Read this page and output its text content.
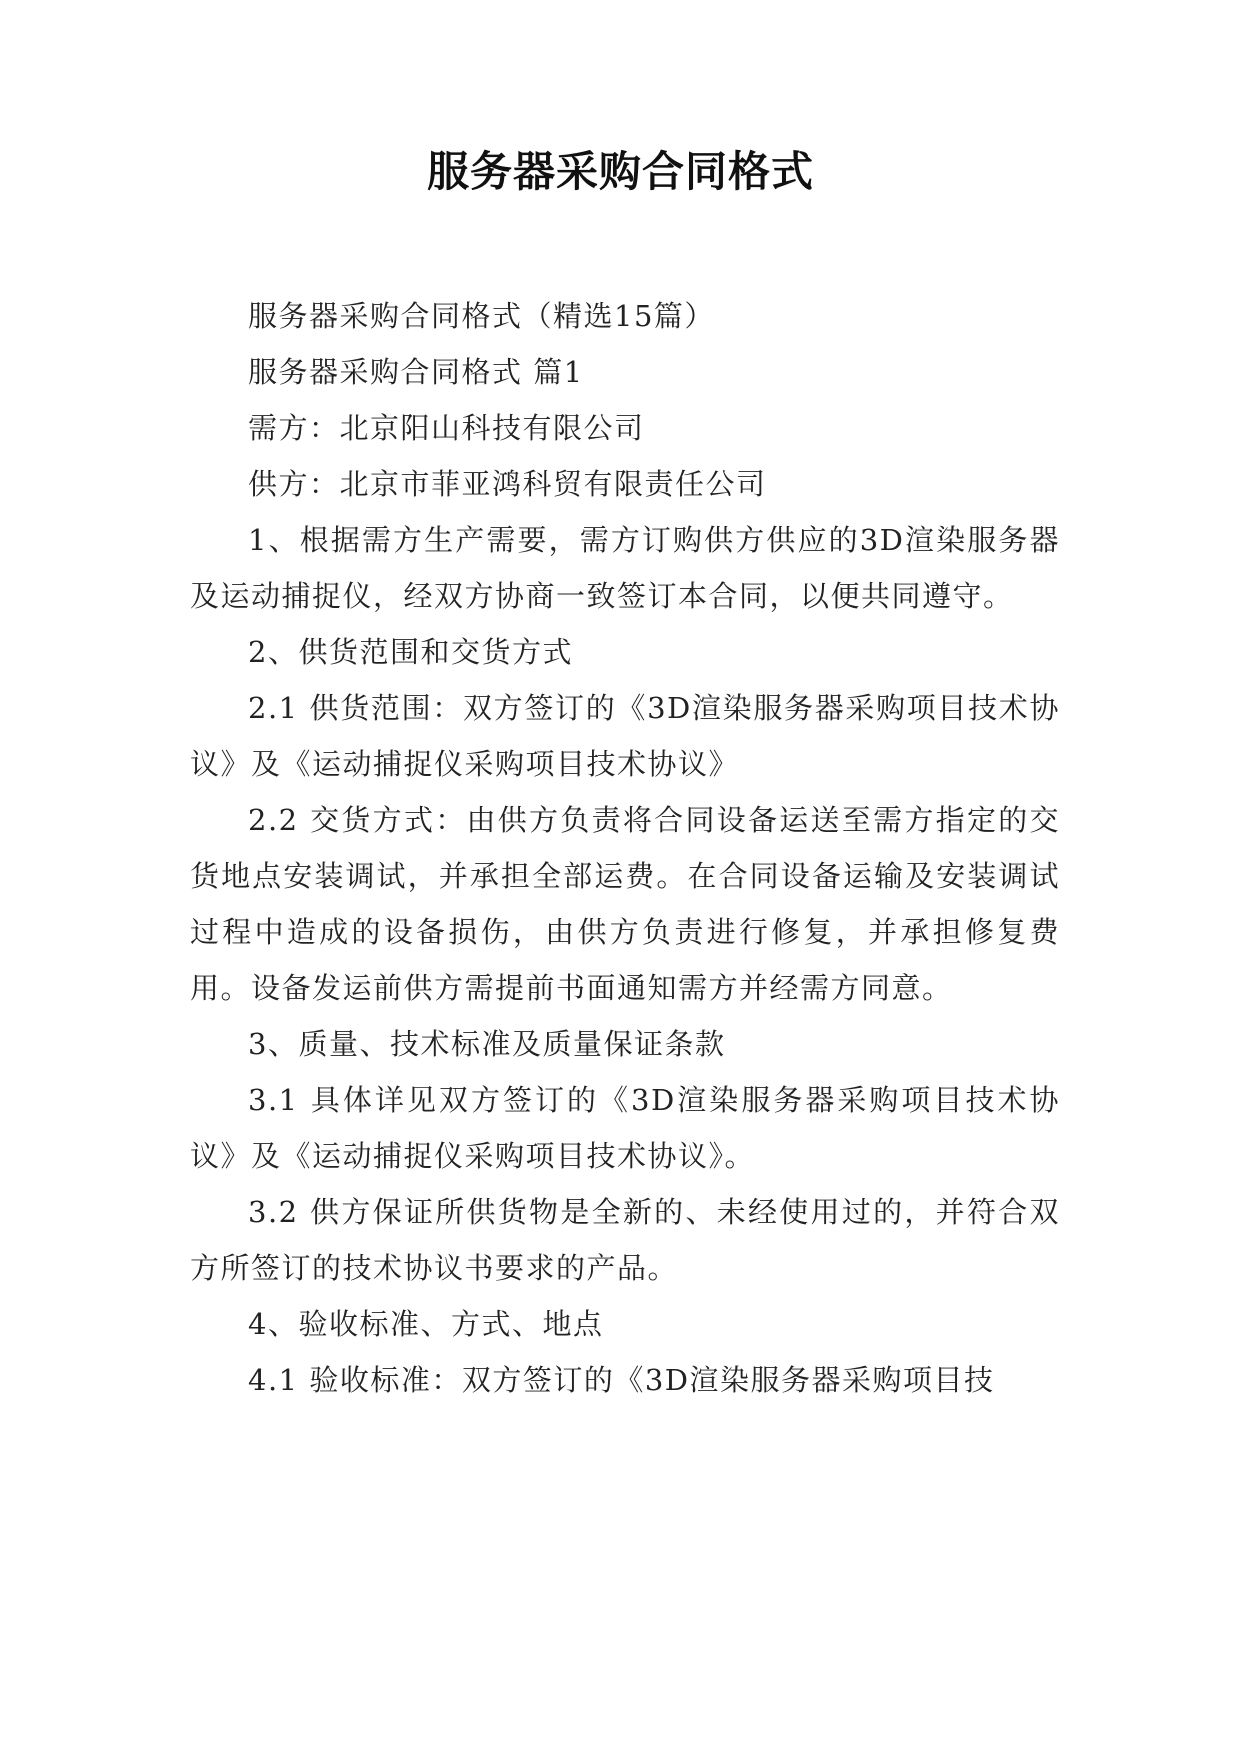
服务器采购合同格式

服务器采购合同格式（精选15篇）

服务器采购合同格式 篇1

需方：北京阳山科技有限公司

供方：北京市菲亚鸿科贸有限责任公司

1、根据需方生产需要，需方订购供方供应的3D渲染服务器及运动捕捉仪，经双方协商一致签订本合同，以便共同遵守。

2、供货范围和交货方式

2.1 供货范围：双方签订的《3D渲染服务器采购项目技术协议》及《运动捕捉仪采购项目技术协议》

2.2 交货方式：由供方负责将合同设备运送至需方指定的交货地点安装调试，并承担全部运费。在合同设备运输及安装调试过程中造成的设备损伤，由供方负责进行修复，并承担修复费用。设备发运前供方需提前书面通知需方并经需方同意。

3、质量、技术标准及质量保证条款

3.1 具体详见双方签订的《3D渲染服务器采购项目技术协议》及《运动捕捉仪采购项目技术协议》。

3.2 供方保证所供货物是全新的、未经使用过的，并符合双方所签订的技术协议书要求的产品。

4、验收标准、方式、地点

4.1 验收标准：双方签订的《3D渲染服务器采购项目技
